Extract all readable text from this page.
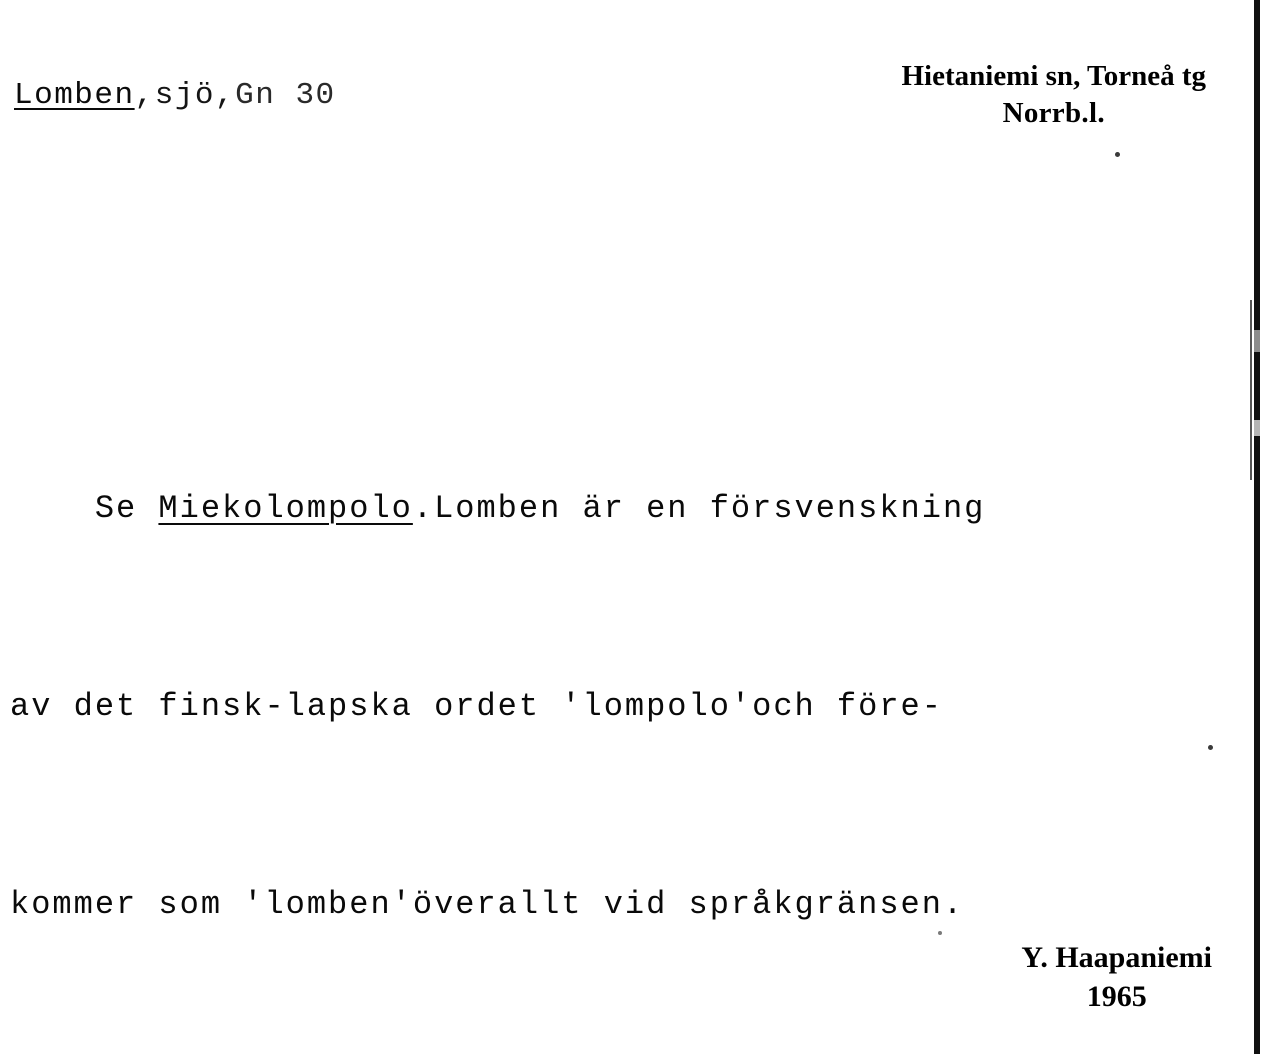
Lomben,sjö,Gn 30
Hietaniemi sn, Torneå tg
Norrb.l.

Se Miekolompolo.Lomben är en försvenskning

av det finsk-lapska ordet ′lompolo′och före-

kommer som ′lomben′överallt vid språkgränsen.

Y. Haapaniemi
1965
